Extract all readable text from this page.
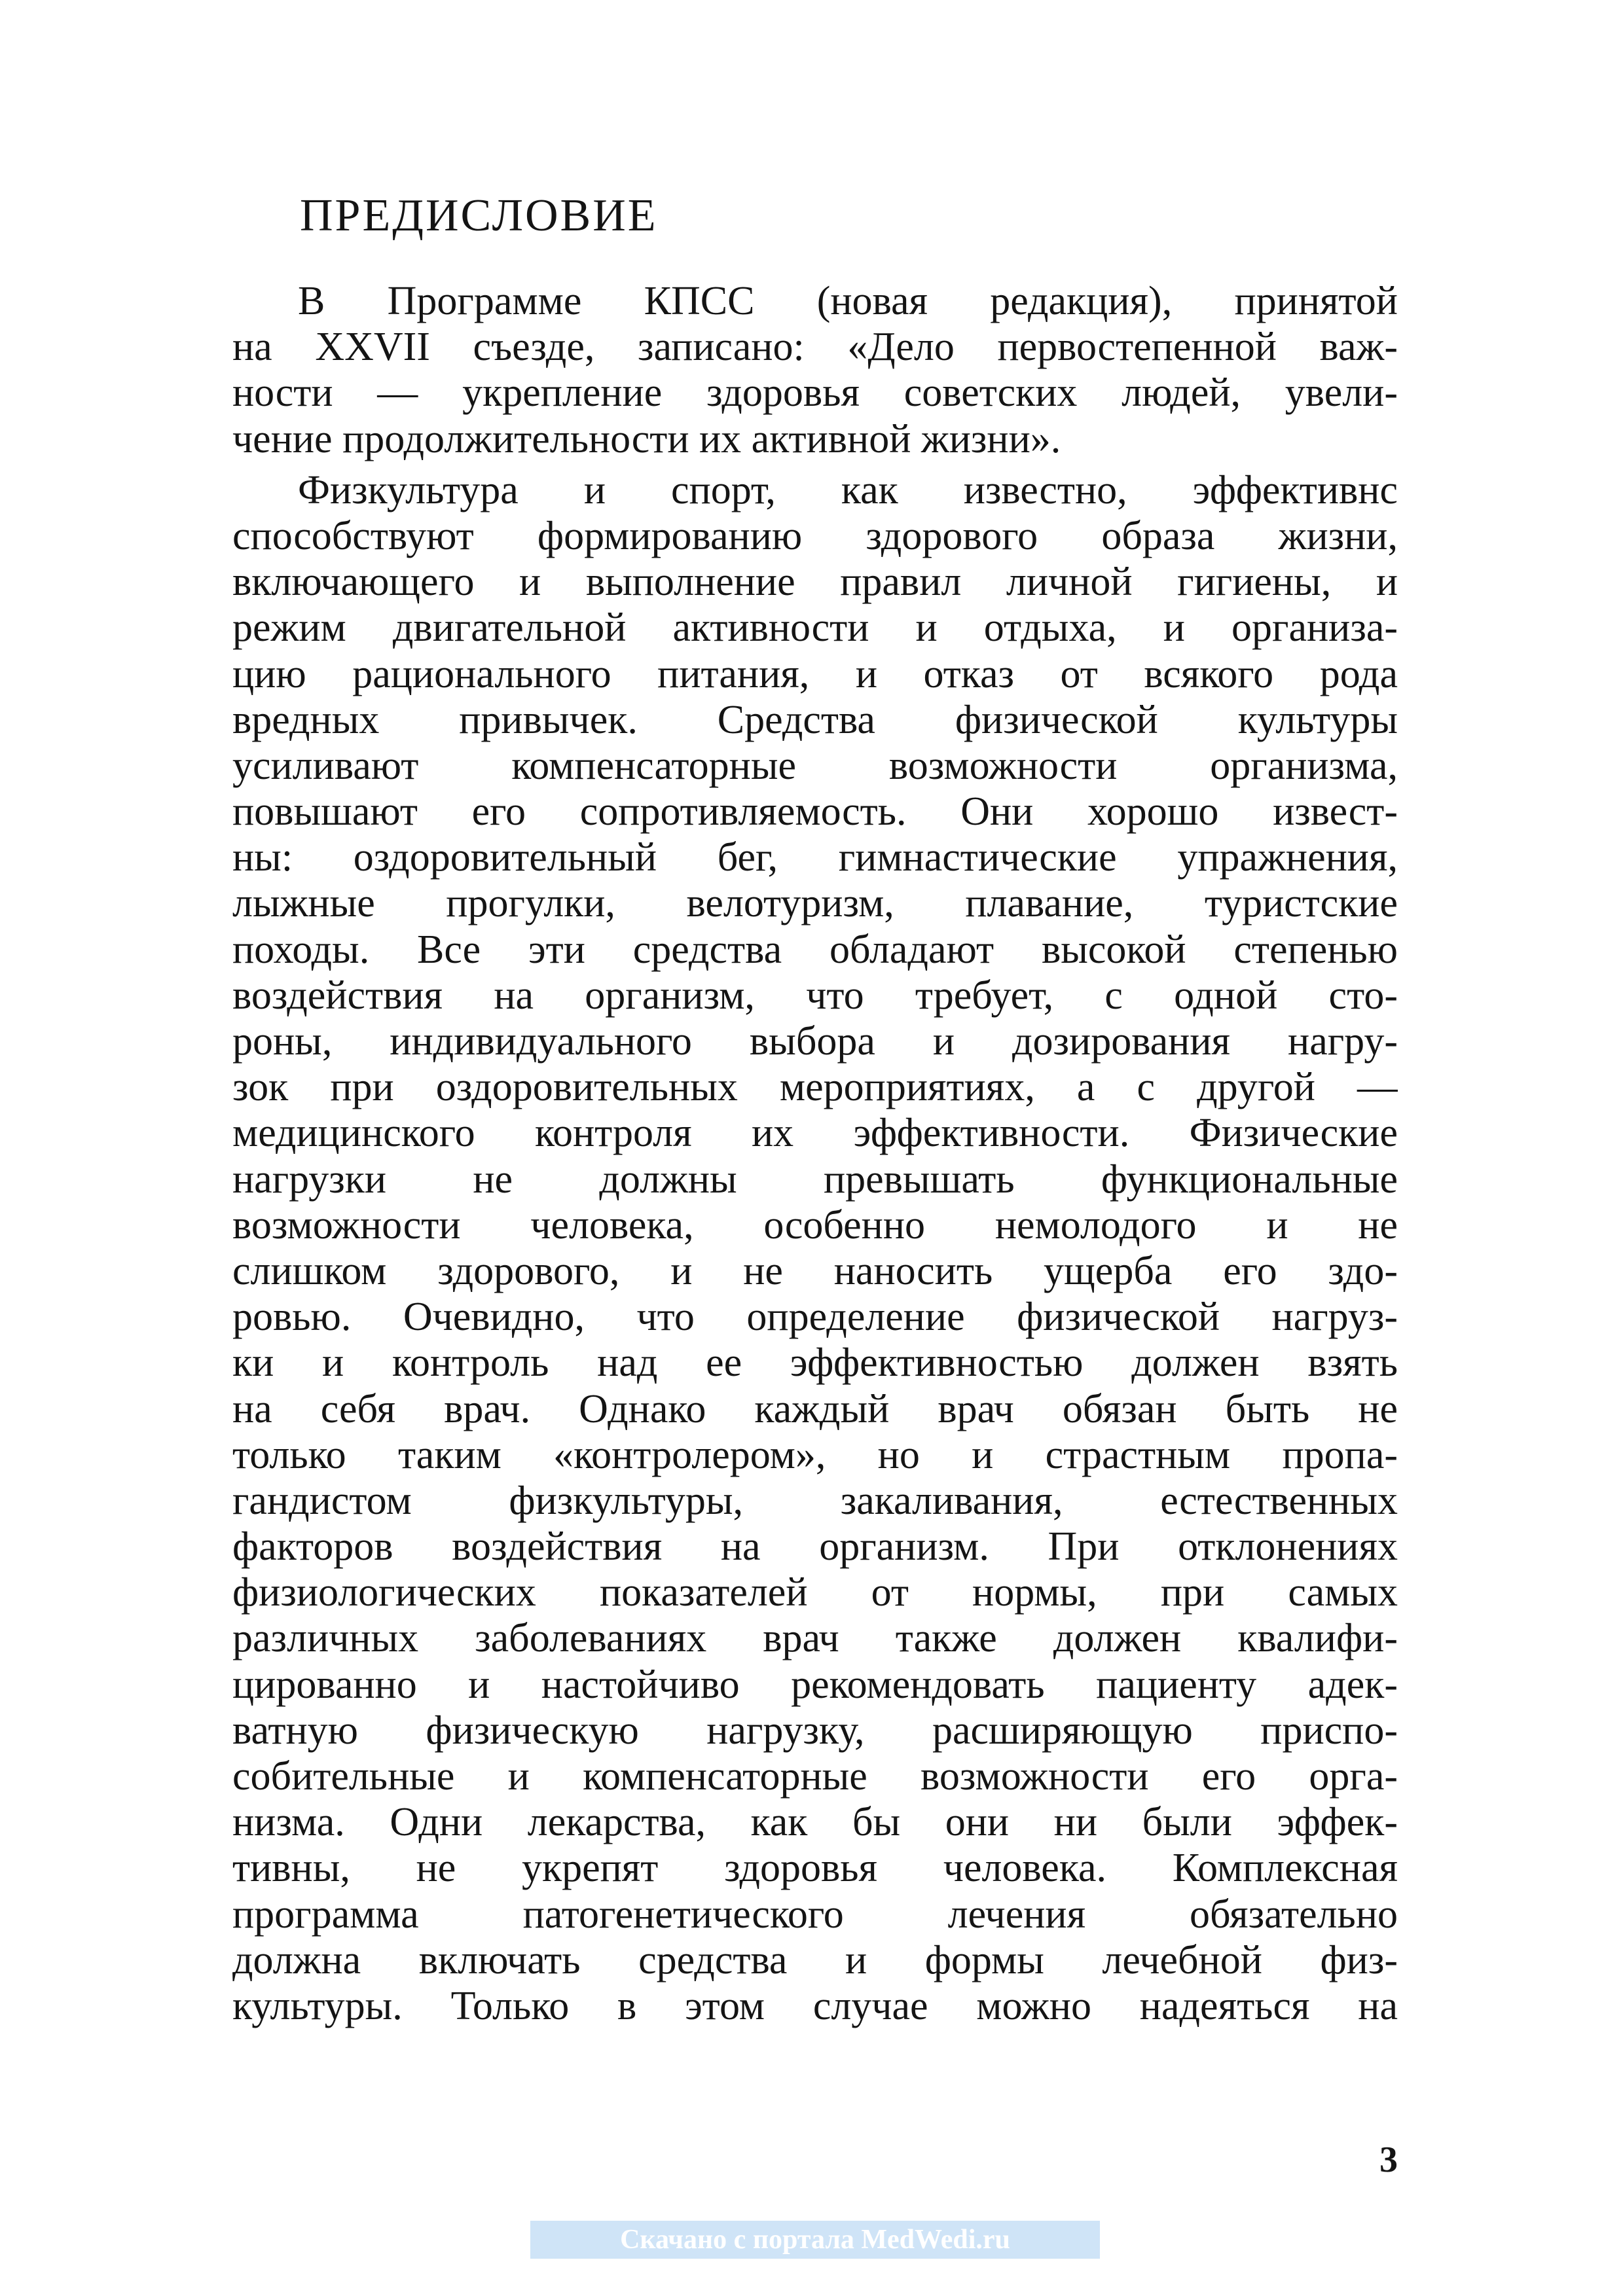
ПРЕДИСЛОВИЕ
В Программе КПСС (новая редакция), принятой
на XXVII съезде, записано: «Дело первостепенной важ-
ности — укрепление здоровья советских людей, увели-
чение продолжительности их активной жизни».
Физкультура и спорт, как известно, эффективнс
способствуют формированию здорового образа жизни,
включающего и выполнение правил личной гигиены, и
режим двигательной активности и отдыха, и организа-
цию рационального питания, и отказ от всякого рода
вредных привычек. Средства физической культуры
усиливают компенсаторные возможности организма,
повышают его сопротивляемость. Они хорошо извест-
ны: оздоровительный бег, гимнастические упражнения,
лыжные прогулки, велотуризм, плавание, туристские
походы. Все эти средства обладают высокой степенью
воздействия на организм, что требует, с одной сто-
роны, индивидуального выбора и дозирования нагру-
зок при оздоровительных мероприятиях, а с другой —
медицинского контроля их эффективности. Физические
нагрузки не должны превышать функциональные
возможности человека, особенно немолодого и не
слишком здорового, и не наносить ущерба его здо-
ровью. Очевидно, что определение физической нагруз-
ки и контроль над ее эффективностью должен взять
на себя врач. Однако каждый врач обязан быть не
только таким «контролером», но и страстным пропа-
гандистом физкультуры, закаливания, естественных
факторов воздействия на организм. При отклонениях
физиологических показателей от нормы, при самых
различных заболеваниях врач также должен квалифи-
цированно и настойчиво рекомендовать пациенту адек-
ватную физическую нагрузку, расширяющую приспо-
собительные и компенсаторные возможности его орга-
низма. Одни лекарства, как бы они ни были эффек-
тивны, не укрепят здоровья человека. Комплексная
программа патогенетического лечения обязательно
должна включать средства и формы лечебной физ-
культуры. Только в этом случае можно надеяться на
3
Скачано с портала MedWedi.ru
